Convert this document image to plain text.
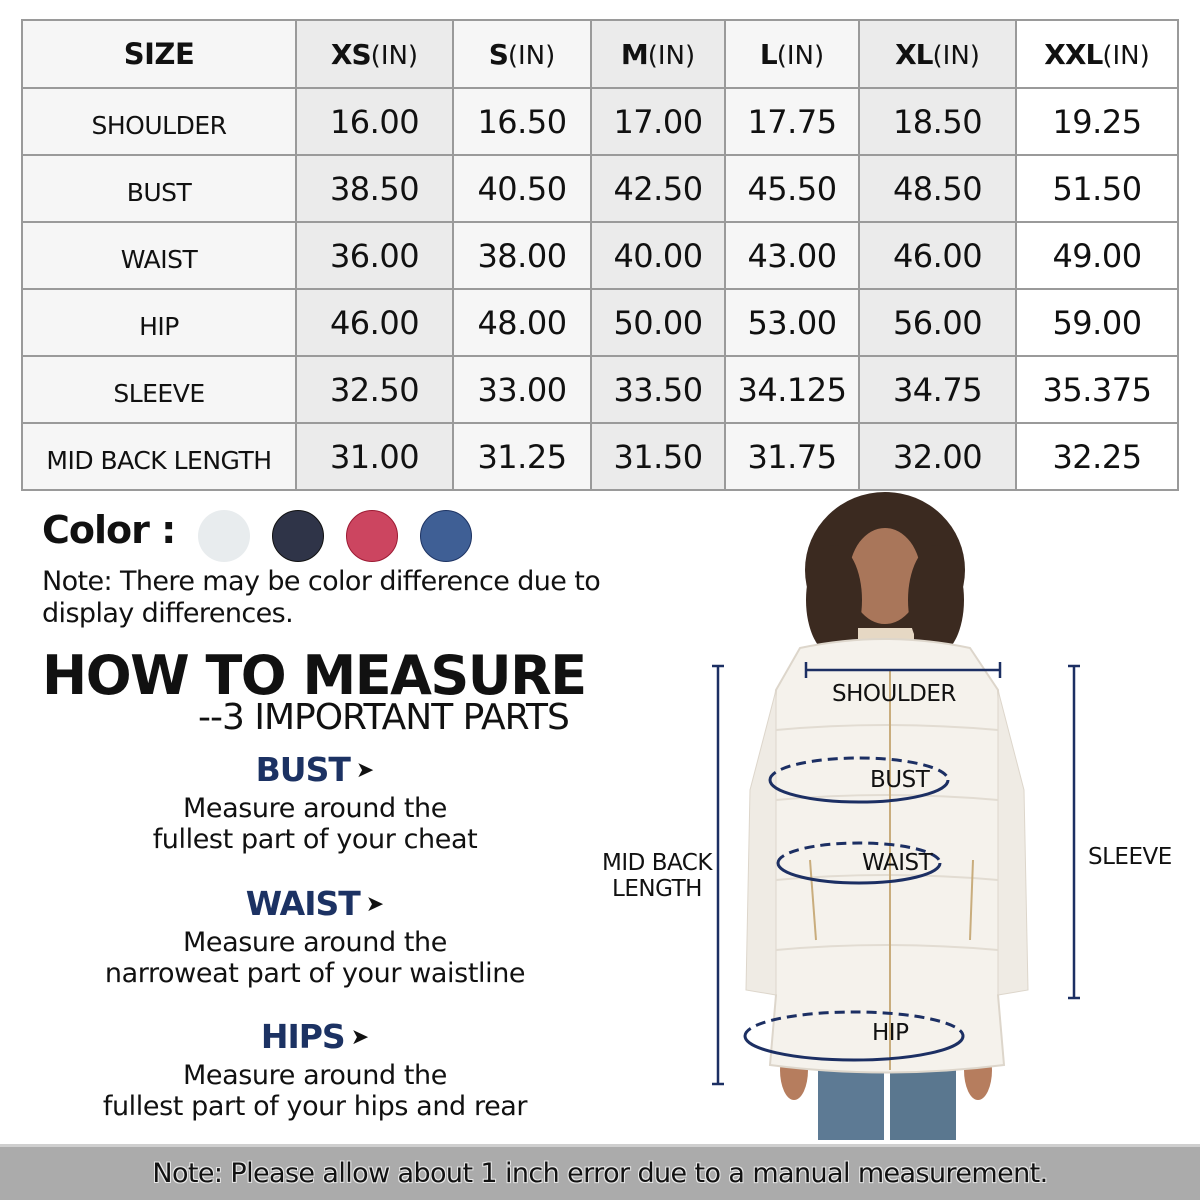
SIZE	XS(IN)	S(IN)	M(IN)	L(IN)	XL(IN)	XXL(IN)
SHOULDER	16.00	16.50	17.00	17.75	18.50	19.25
BUST	38.50	40.50	42.50	45.50	48.50	51.50
WAIST	36.00	38.00	40.00	43.00	46.00	49.00
HIP	46.00	48.00	50.00	53.00	56.00	59.00
SLEEVE	32.50	33.00	33.50	34.125	34.75	35.375
MID BACK LENGTH	31.00	31.25	31.50	31.75	32.00	32.25
Color :
Note: There may be color difference due to display differences.
HOW TO MEASURE
--3 IMPORTANT PARTS
BUST ➤
Measure around the
fullest part of your cheat
WAIST ➤
Measure around the
narroweat part of your waistline
HIPS ➤
Measure around the
fullest part of your hips and rear
SHOULDER
BUST
WAIST
HIP
SLEEVE
MID BACK
LENGTH
Note: Please allow about 1 inch error due to a manual measurement.
